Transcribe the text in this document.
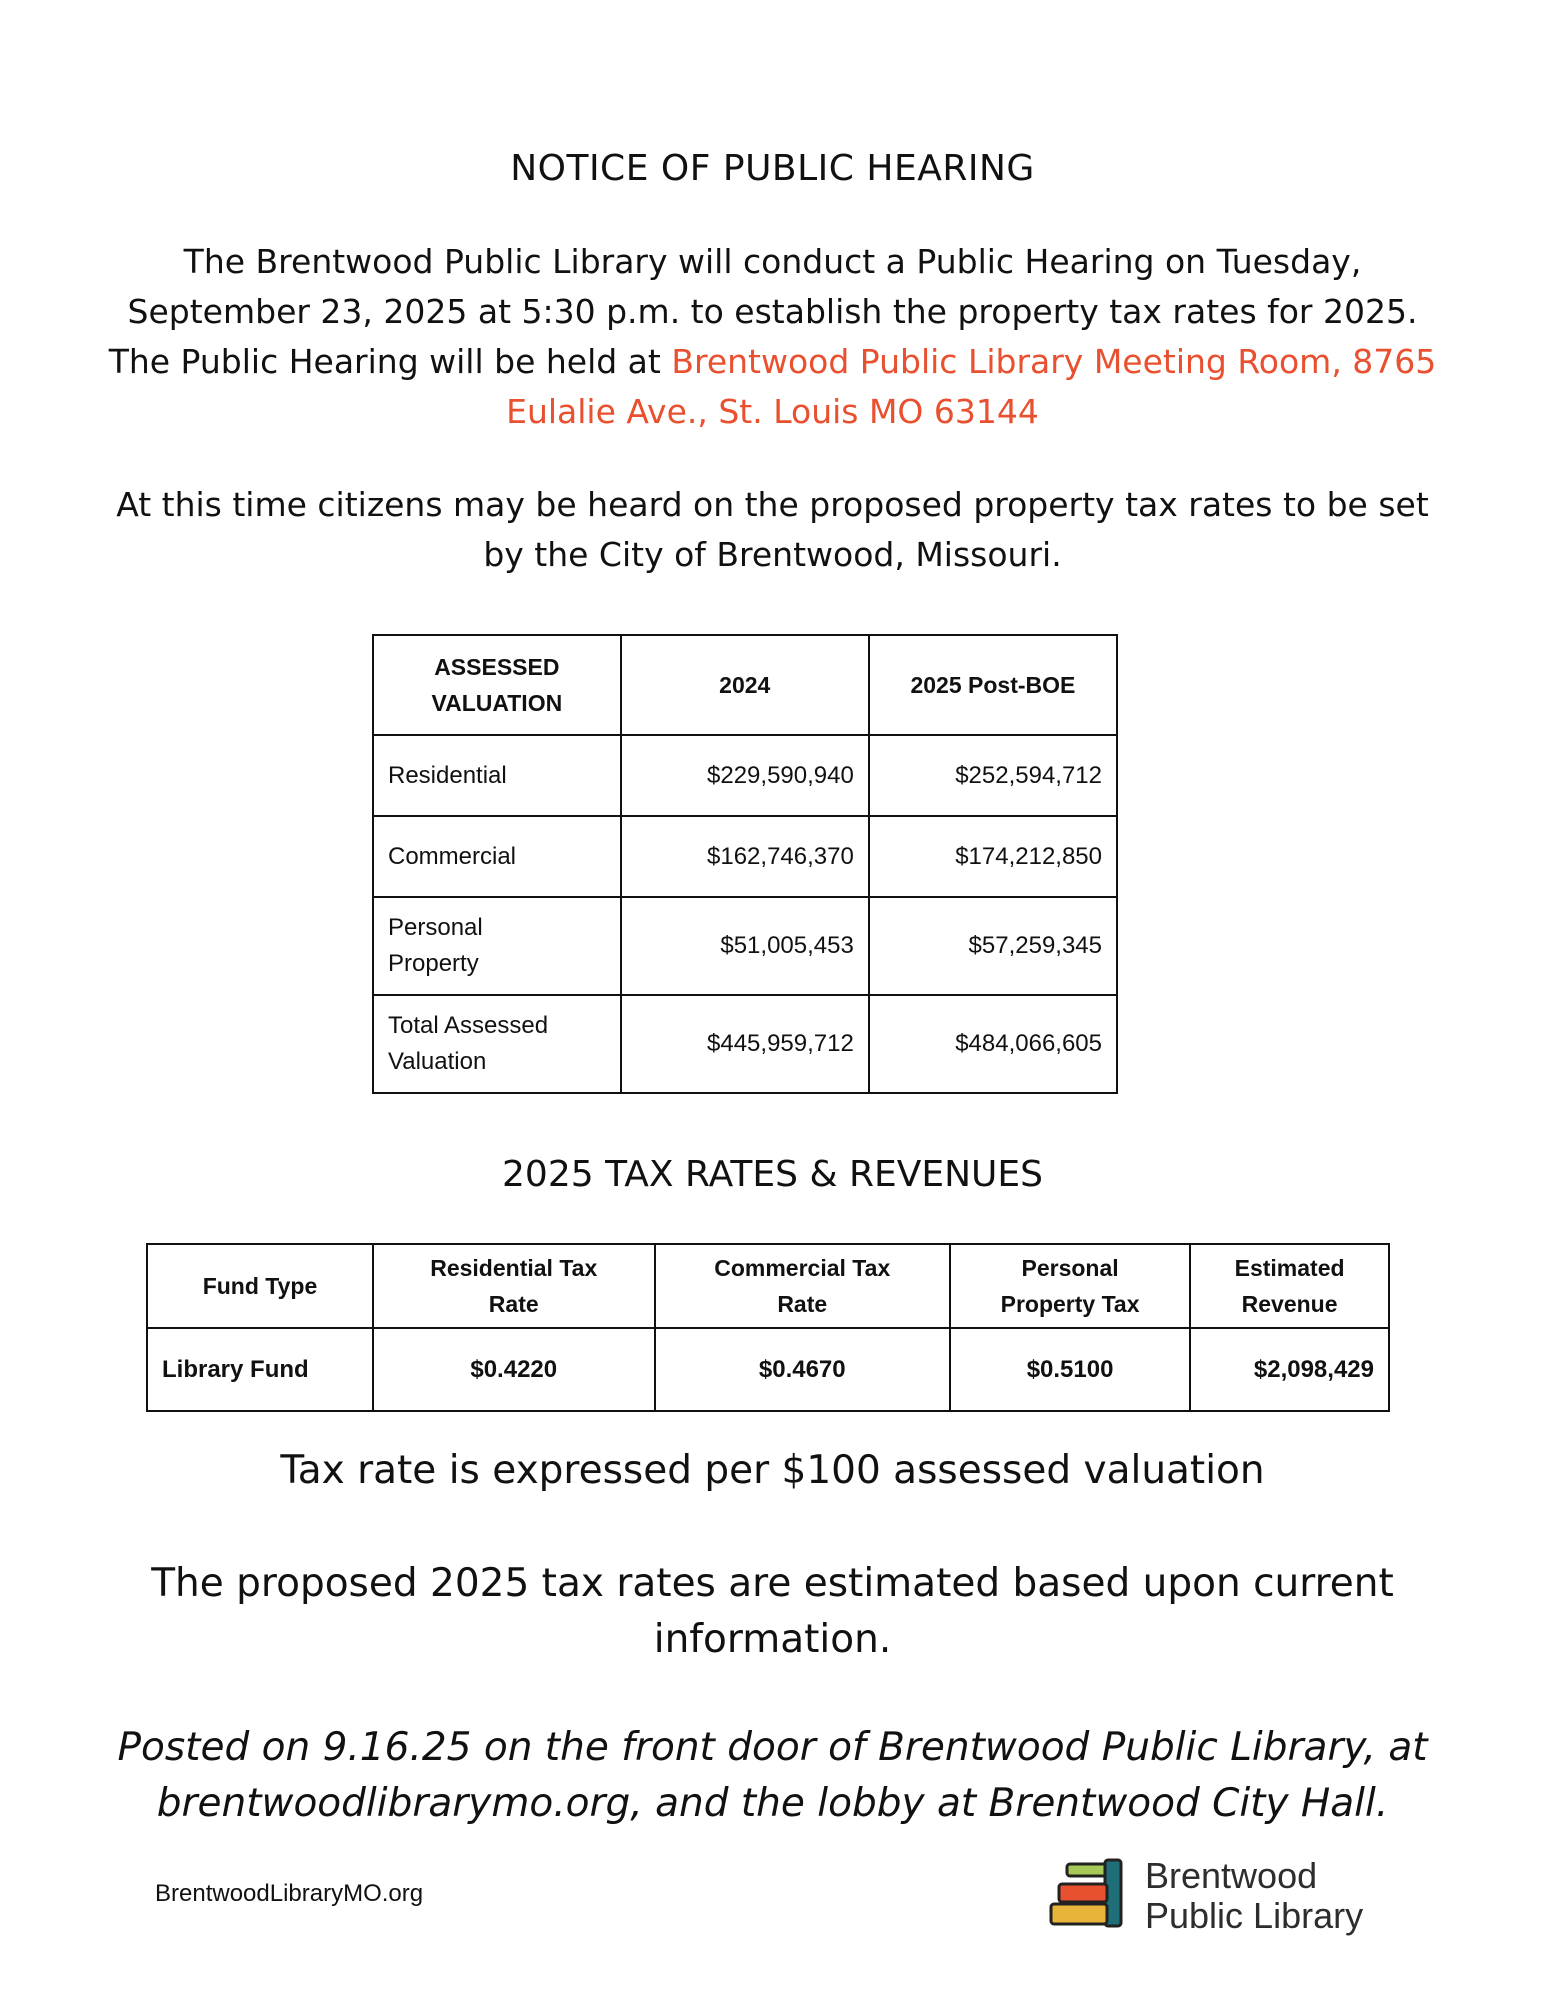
NOTICE OF PUBLIC HEARING
The Brentwood Public Library will conduct a Public Hearing on Tuesday, September 23, 2025 at 5:30 p.m. to establish the property tax rates for 2025. The Public Hearing will be held at Brentwood Public Library Meeting Room, 8765 Eulalie Ave., St. Louis MO 63144
At this time citizens may be heard on the proposed property tax rates to be set by the City of Brentwood, Missouri.
ASSESSED VALUATION	2024	2025 Post-BOE
Residential	$229,590,940	$252,594,712
Commercial	$162,746,370	$174,212,850

Personal Property	$51,005,453	$57,259,345

Total Assessed Valuation	$445,959,712	$484,066,605
2025 TAX RATES & REVENUES
Fund Type	Residential Tax Rate	Commercial Tax Rate	Personal Property Tax	Estimated Revenue

Library Fund	$0.4220	$0.4670	$0.5100	$2,098,429
Tax rate is expressed per $100 assessed valuation
The proposed 2025 tax rates are estimated based upon current information.
Posted on 9.16.25 on the front door of Brentwood Public Library, at brentwoodlibrarymo.org, and the lobby at Brentwood City Hall.
BrentwoodLibraryMO.org	Brentwood
Public Library
